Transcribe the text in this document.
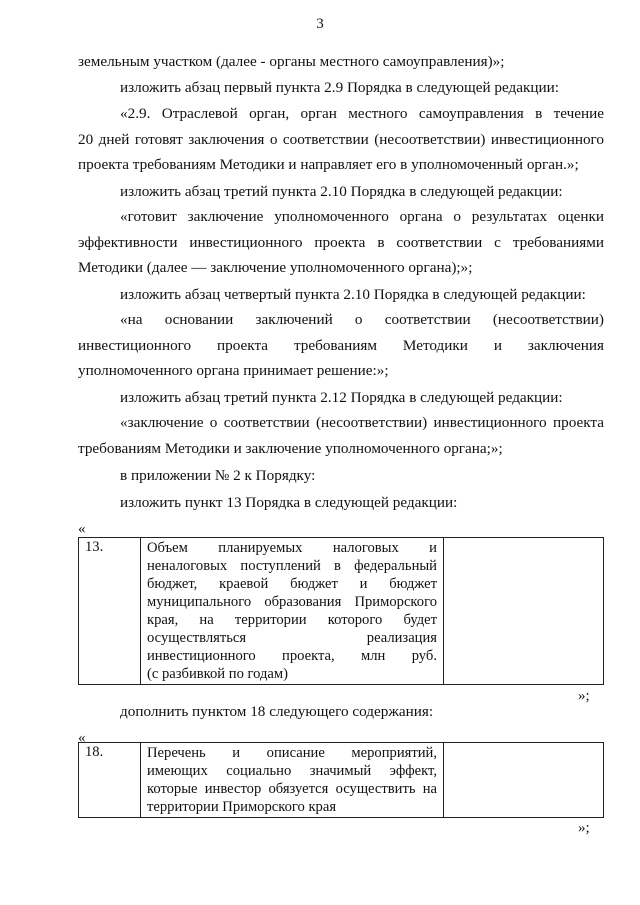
3
земельным участком (далее - органы местного самоуправления)»;
изложить абзац первый пункта 2.9 Порядка в следующей редакции:
«2.9. Отраслевой орган, орган местного самоуправления в течение
20 дней готовят заключения о соответствии (несоответствии) инвестиционного
проекта требованиям Методики и направляет его в уполномоченный орган.»;
изложить абзац третий пункта 2.10 Порядка в следующей редакции:
«готовит заключение уполномоченного органа о результатах оценки
эффективности инвестиционного проекта в соответствии с требованиями
Методики (далее — заключение уполномоченного органа);»;
изложить абзац четвертый пункта 2.10 Порядка в следующей редакции:
«на основании заключений о соответствии (несоответствии)
инвестиционного проекта требованиям Методики и заключения
уполномоченного органа принимает решение:»;
изложить абзац третий пункта 2.12 Порядка в следующей редакции:
«заключение о соответствии (несоответствии) инвестиционного проекта
требованиям Методики и заключение уполномоченного органа;»;
в приложении № 2 к Порядку:
изложить пункт 13 Порядка в следующей редакции:
«
13.	Объем планируемых налоговых и
неналоговых поступлений в федеральный
бюджет, краевой бюджет и бюджет
муниципального образования Приморского
края, на территории которого будет
осуществляться реализация
инвестиционного проекта, млн руб.
(с разбивкой по годам)

»;
дополнить пунктом 18 следующего содержания:
«
18.	Перечень и описание мероприятий,
имеющих социально значимый эффект,
которые инвестор обязуется осуществить на
территории Приморского края

»;
